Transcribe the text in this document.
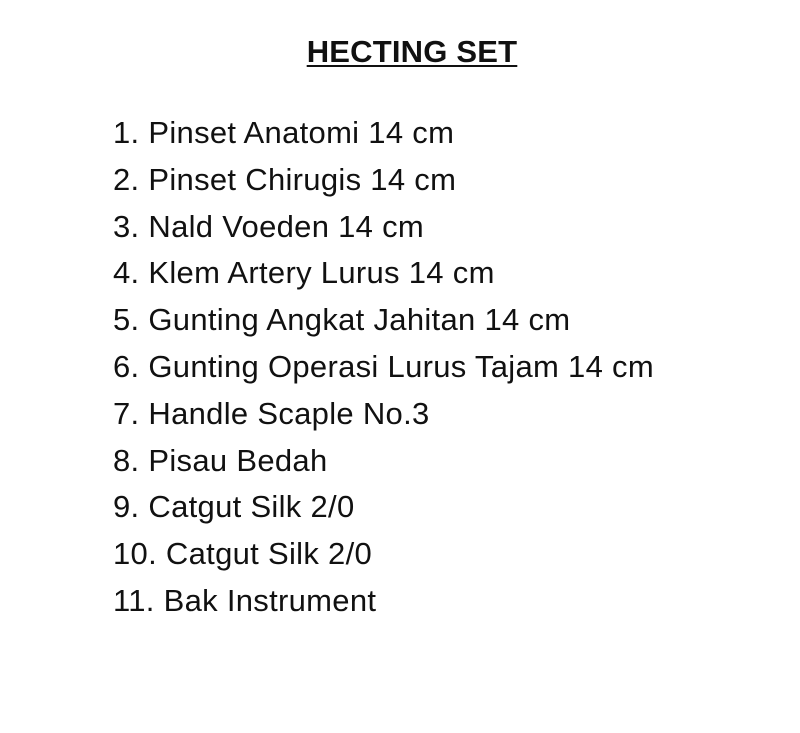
HECTING SET
1. Pinset Anatomi 14 cm
2. Pinset Chirugis 14 cm
3. Nald Voeden 14 cm
4. Klem Artery Lurus 14 cm
5. Gunting Angkat Jahitan 14 cm
6. Gunting Operasi Lurus Tajam 14 cm
7. Handle Scaple No.3
8. Pisau Bedah
9. Catgut Silk 2/0
10. Catgut Silk 2/0
11. Bak Instrument
